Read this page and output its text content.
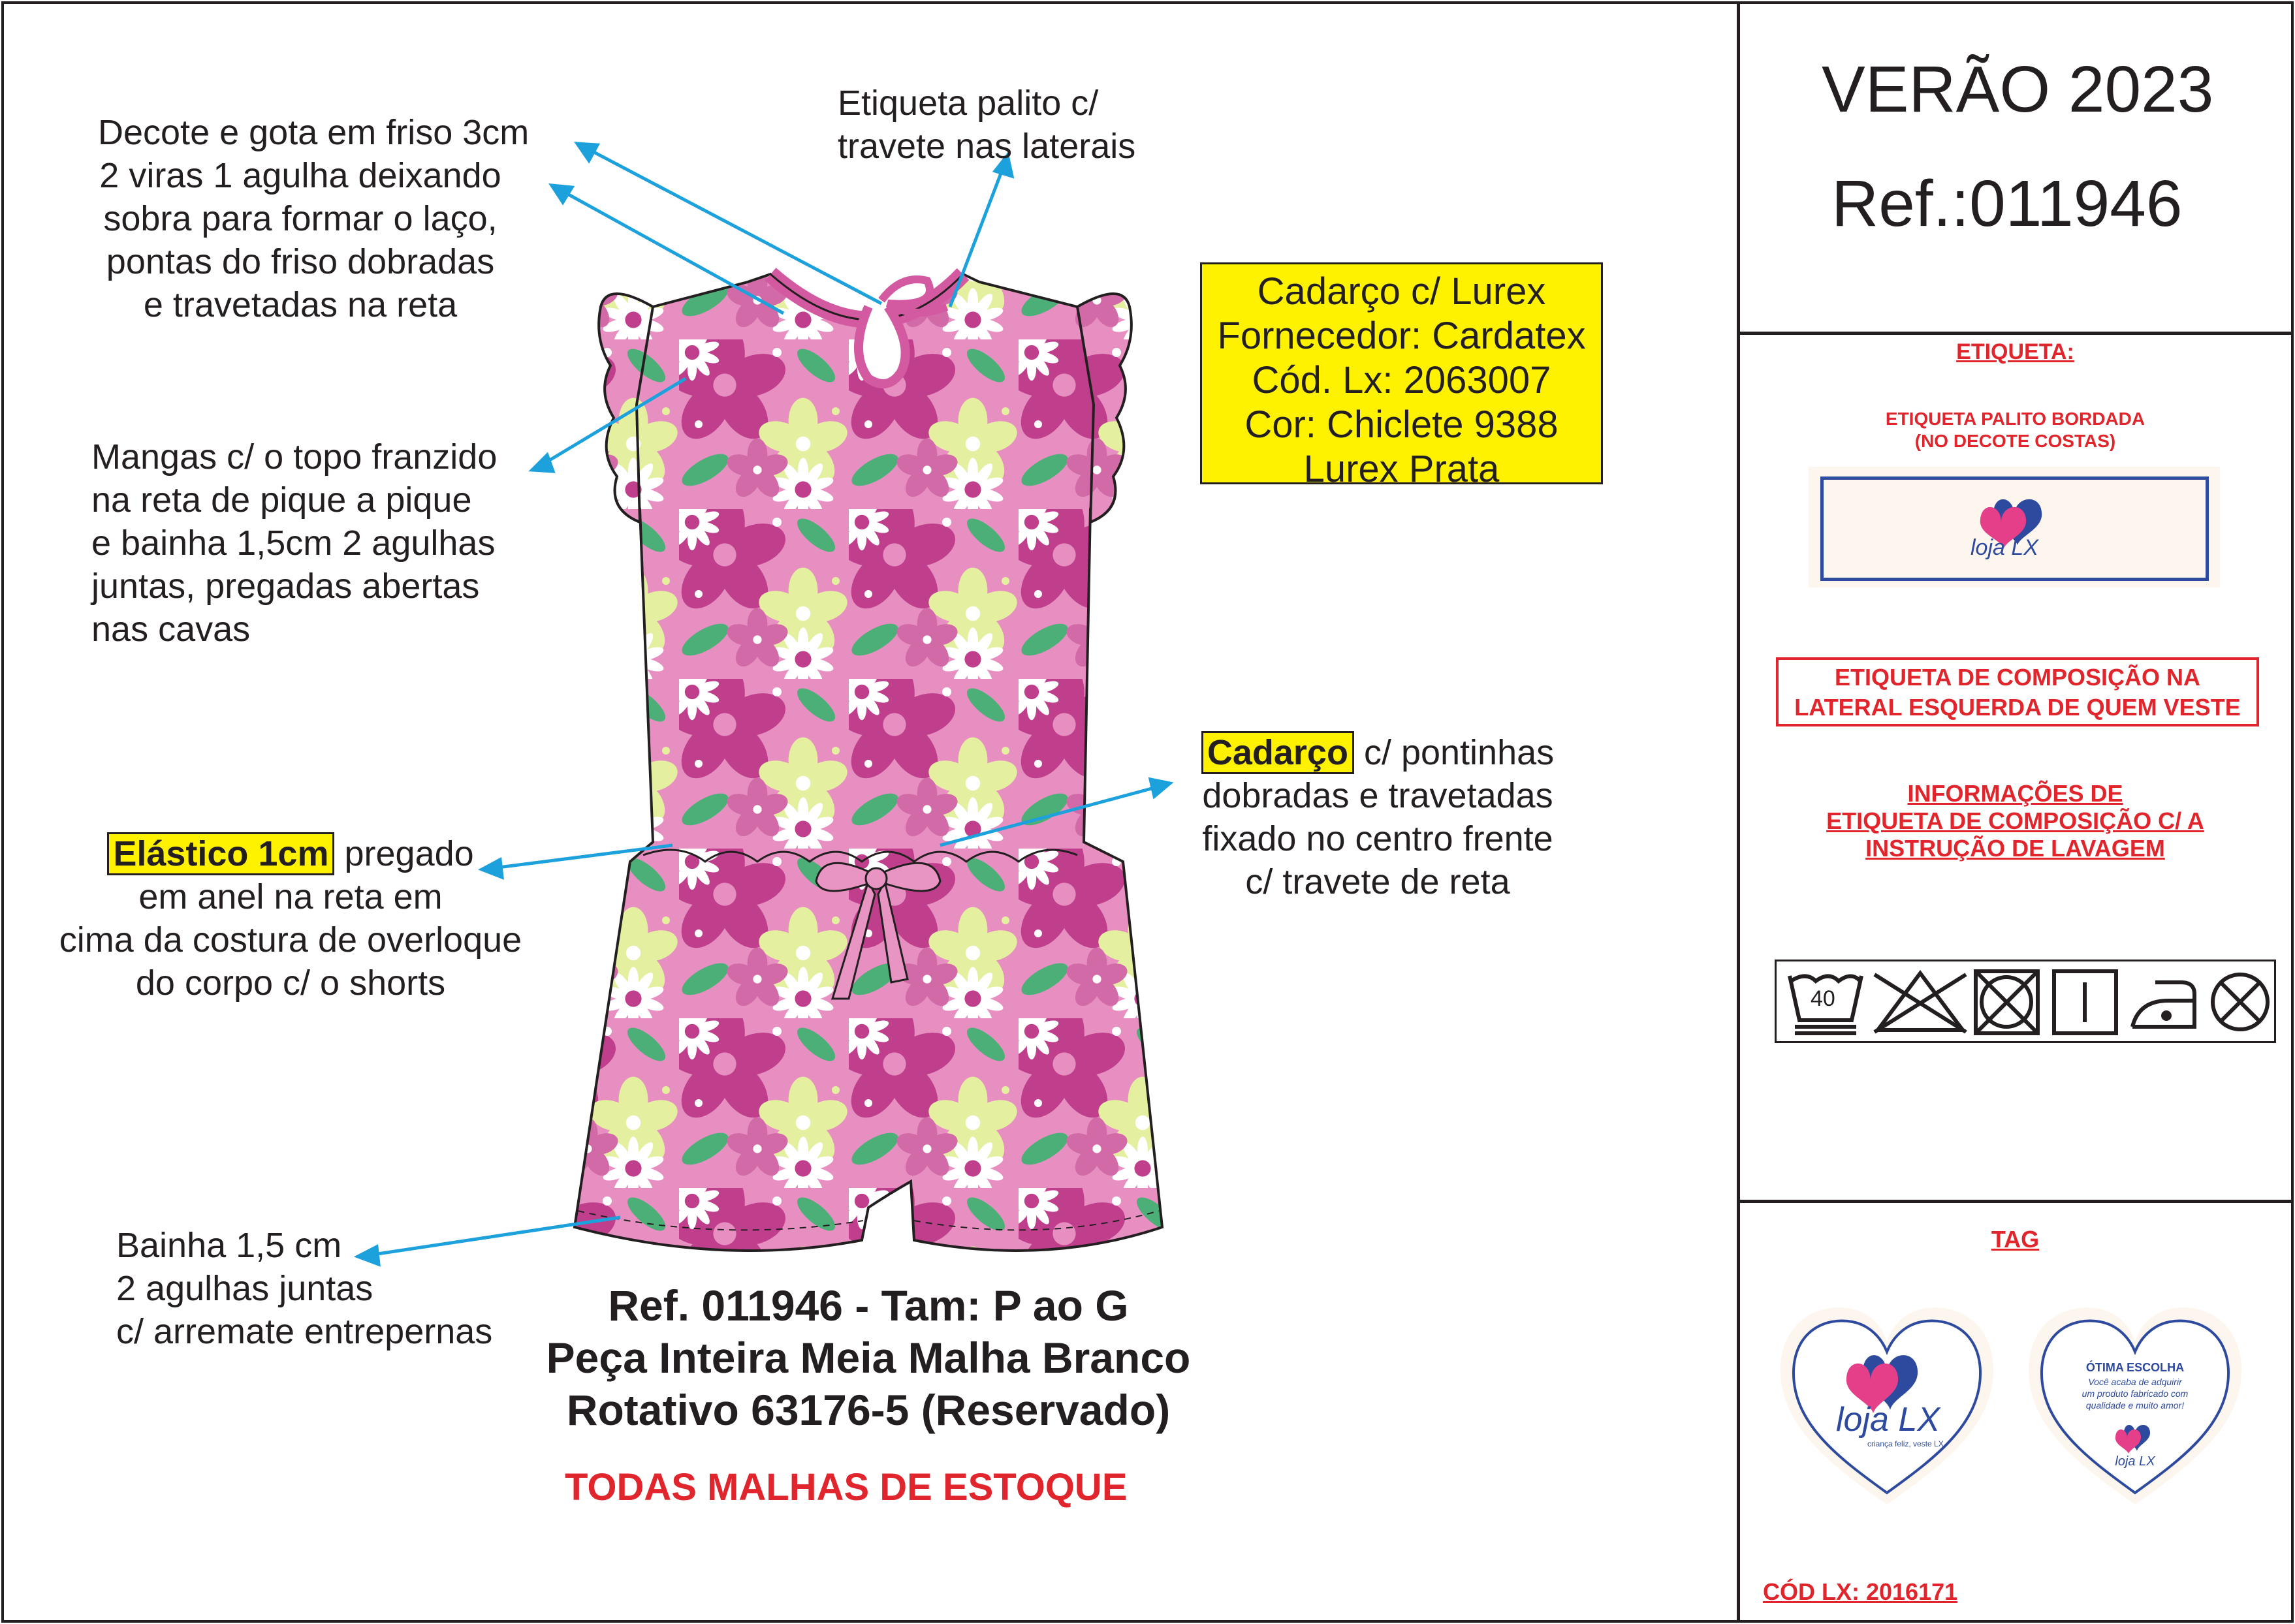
VERÃO 2023
Ref.:011946
Decote e gota em friso 3cm
2 viras 1 agulha deixando
sobra para formar o laço,
pontas do friso dobradas
e travetadas na reta
Etiqueta palito c/
travete nas laterais
Mangas c/ o topo franzido
na reta de pique a pique
e bainha 1,5cm 2 agulhas
juntas, pregadas abertas
nas cavas
Elástico 1cm pregado
em anel na reta em
cima da costura de overloque
do corpo c/ o shorts
Cadarço c/ pontinhas
dobradas e travetadas
fixado no centro frente
c/ travete de reta
Bainha 1,5 cm
2 agulhas juntas
c/ arremate entrepernas
Cadarço c/ Lurex
Fornecedor: Cardatex
Cód. Lx: 2063007
Cor: Chiclete 9388
Lurex Prata
Ref. 011946 - Tam: P ao G
Peça Inteira Meia Malha Branco
Rotativo 63176-5 (Reservado)
TODAS MALHAS DE ESTOQUE
ETIQUETA:
ETIQUETA PALITO BORDADA
(NO DECOTE COSTAS)
loja LX
ETIQUETA DE COMPOSIÇÃO NA
LATERAL ESQUERDA DE QUEM VESTE
INFORMAÇÕES DE
ETIQUETA DE COMPOSIÇÃO C/ A
INSTRUÇÃO DE LAVAGEM
40
TAG
loja LX
criança feliz, veste LX
ÓTIMA ESCOLHA
Você acaba de adquirir
um produto fabricado com
qualidade e muito amor!
loja LX
CÓD LX: 2016171
